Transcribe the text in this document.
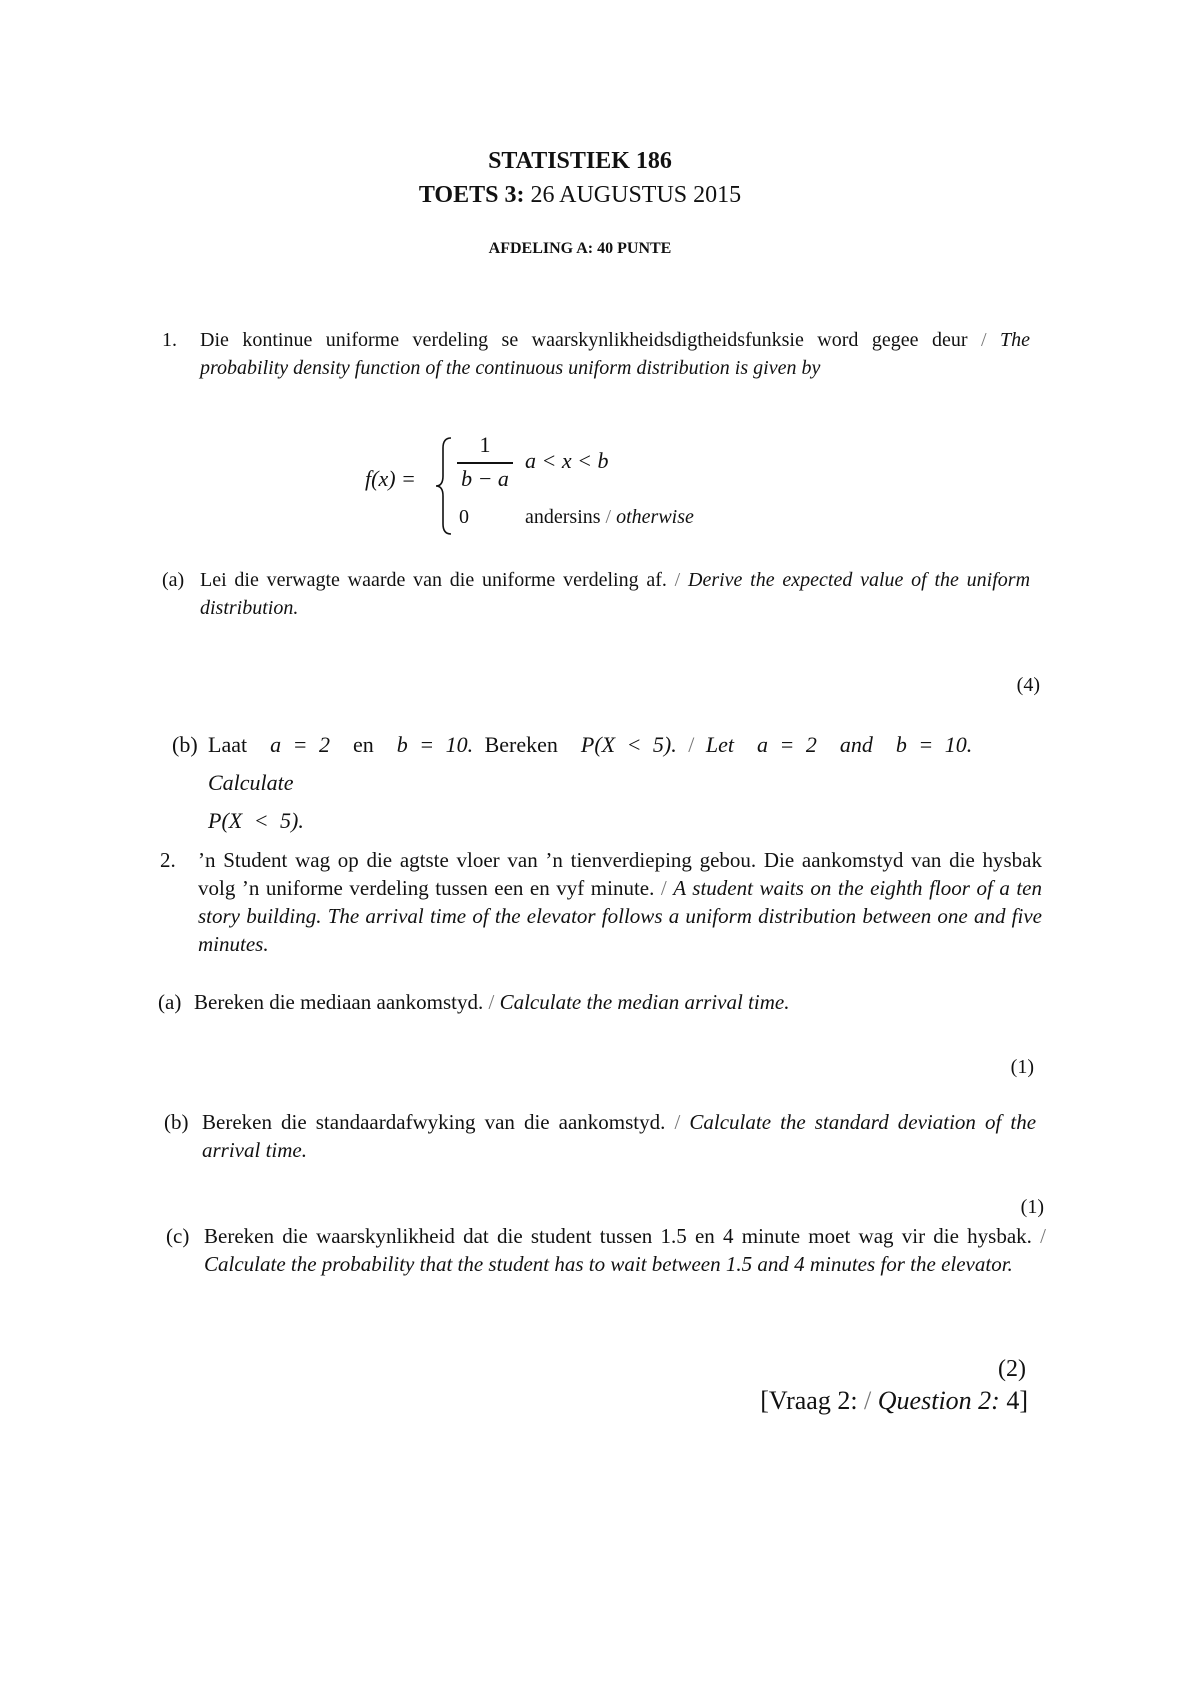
STATISTIEK 186
TOETS 3: 26 AUGUSTUS 2015
AFDELING A: 40 PUNTE
1. Die kontinue uniforme verdeling se waarskynlikheidsdigtheidsfunksie word gegee deur / The probability density function of the continuous uniform distribution is given by
f(x) =
1
b − a
a < x < b
0	andersins / otherwise
(a) Lei die verwagte waarde van die uniforme verdeling af. / Derive the expected value of the uniform distribution.
(4)
(b) Laat a = 2 en b = 10. Bereken P(X < 5). / Let a = 2 and b = 10. Calculate
P(X < 5).
2. ’n Student wag op die agtste vloer van ’n tienverdieping gebou. Die aankomstyd van die hysbak volg ’n uniforme verdeling tussen een en vyf minute. / A student waits on the eighth floor of a ten story building. The arrival time of the elevator follows a uniform distribution between one and five minutes.
(a) Bereken die mediaan aankomstyd. / Calculate the median arrival time.
(1)
(b) Bereken die standaardafwyking van die aankomstyd. / Calculate the standard deviation of the arrival time.
(1)
(c) Bereken die waarskynlikheid dat die student tussen 1.5 en 4 minute moet wag vir die hysbak. / Calculate the probability that the student has to wait between 1.5 and 4 minutes for the elevator.
(2)
[Vraag 2: / Question 2: 4]
